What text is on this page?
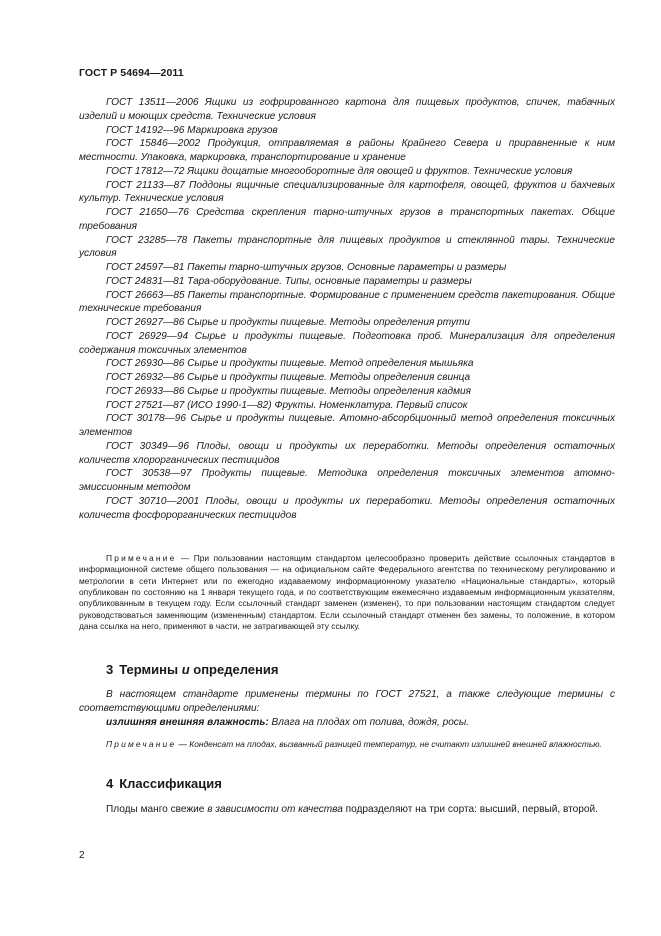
ГОСТ Р 54694—2011

ГОСТ 13511—2006 Ящики из гофрированного картона для пищевых продуктов, спичек, табачных изделий и моющих средств. Технические условия

ГОСТ 14192—96 Маркировка грузов

ГОСТ 15846—2002 Продукция, отправляемая в районы Крайнего Севера и приравненные к ним местности. Упаковка, маркировка, транспортирование и хранение

ГОСТ 17812—72 Ящики дощатые многооборотные для овощей и фруктов. Технические условия

ГОСТ 21133—87 Поддоны ящичные специализированные для картофеля, овощей, фруктов и бахчевых культур. Технические условия

ГОСТ 21650—76 Средства скрепления тарно-штучных грузов в транспортных пакетах. Общие требования

ГОСТ 23285—78 Пакеты транспортные для пищевых продуктов и стеклянной тары. Технические условия

ГОСТ 24597—81 Пакеты тарно-штучных грузов. Основные параметры и размеры

ГОСТ 24831—81 Тара-оборудование. Типы, основные параметры и размеры

ГОСТ 26663—85 Пакеты транспортные. Формирование с применением средств пакетирования. Общие технические требования

ГОСТ 26927—86 Сырье и продукты пищевые. Методы определения ртути

ГОСТ 26929—94 Сырье и продукты пищевые. Подготовка проб. Минерализация для определения содержания токсичных элементов

ГОСТ 26930—86 Сырье и продукты пищевые. Метод определения мышьяка

ГОСТ 26932—86 Сырье и продукты пищевые. Методы определения свинца

ГОСТ 26933—86 Сырье и продукты пищевые. Методы определения кадмия

ГОСТ 27521—87 (ИСО 1990-1—82) Фрукты. Номенклатура. Первый список

ГОСТ 30178—96 Сырье и продукты пищевые. Атомно-абсорбционный метод определения токсичных элементов

ГОСТ 30349—96 Плоды, овощи и продукты их переработки. Методы определения остаточных количеств хлорорганических пестицидов

ГОСТ 30538—97 Продукты пищевые. Методика определения токсичных элементов атомно-эмиссионным методом

ГОСТ 30710—2001 Плоды, овощи и продукты их переработки. Методы определения остаточных количеств фосфорорганических пестицидов

Примечание — При пользовании настоящим стандартом целесообразно проверить действие ссылочных стандартов в информационной системе общего пользования — на официальном сайте Федерального агентства по техническому регулированию и метрологии в сети Интернет или по ежегодно издаваемому информационному указателю «Национальные стандарты», который опубликован по состоянию на 1 января текущего года, и по соответствующим ежемесячно издаваемым информационным указателям, опубликованным в текущем году. Если ссылочный стандарт заменен (изменен), то при пользовании настоящим стандартом следует руководствоваться заменяющим (измененным) стандартом. Если ссылочный стандарт отменен без замены, то положение, в котором дана ссылка на него, применяют в части, не затрагивающей эту ссылку.

3 Термины и определения

В настоящем стандарте применены термины по ГОСТ 27521, а также следующие термины с соответствующими определениями:

излишняя внешняя влажность: Влага на плодах от полива, дождя, росы.

Примечание — Конденсат на плодах, вызванный разницей температур, не считают излишней внешней влажностью.

4 Классификация

Плоды манго свежие в зависимости от качества подразделяют на три сорта: высший, первый, второй.

2
